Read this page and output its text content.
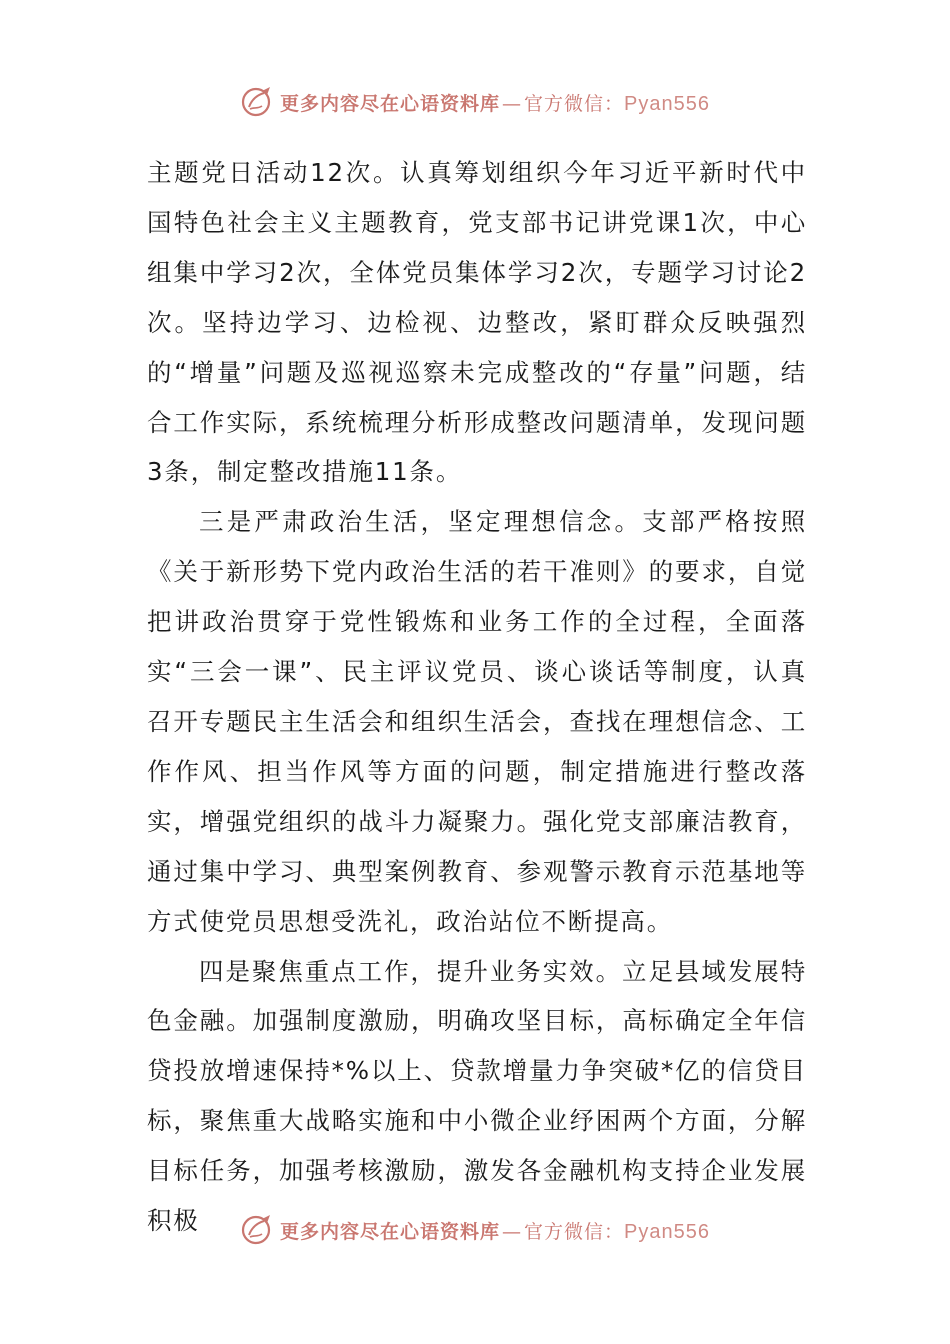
更多内容尽在心语资料库 — 官方微信：Pyan556

主题党日活动12次。认真筹划组织今年习近平新时代中国特色社会主义主题教育，党支部书记讲党课1次，中心组集中学习2次，全体党员集体学习2次，专题学习讨论2次。坚持边学习、边检视、边整改，紧盯群众反映强烈的“增量”问题及巡视巡察未完成整改的“存量”问题，结合工作实际，系统梳理分析形成整改问题清单，发现问题3条，制定整改措施11条。

三是严肃政治生活，坚定理想信念。支部严格按照《关于新形势下党内政治生活的若干准则》的要求，自觉把讲政治贯穿于党性锻炼和业务工作的全过程，全面落实“三会一课”、民主评议党员、谈心谈话等制度，认真召开专题民主生活会和组织生活会，查找在理想信念、工作作风、担当作风等方面的问题，制定措施进行整改落实，增强党组织的战斗力凝聚力。强化党支部廉洁教育，通过集中学习、典型案例教育、参观警示教育示范基地等方式使党员思想受洗礼，政治站位不断提高。

四是聚焦重点工作，提升业务实效。立足县域发展特色金融。加强制度激励，明确攻坚目标，高标确定全年信贷投放增速保持*%以上、贷款增量力争突破*亿的信贷目标，聚焦重大战略实施和中小微企业纾困两个方面，分解目标任务，加强考核激励，激发各金融机构支持企业发展积极	更多内容尽在心语资料库 — 官方微信：Pyan556
